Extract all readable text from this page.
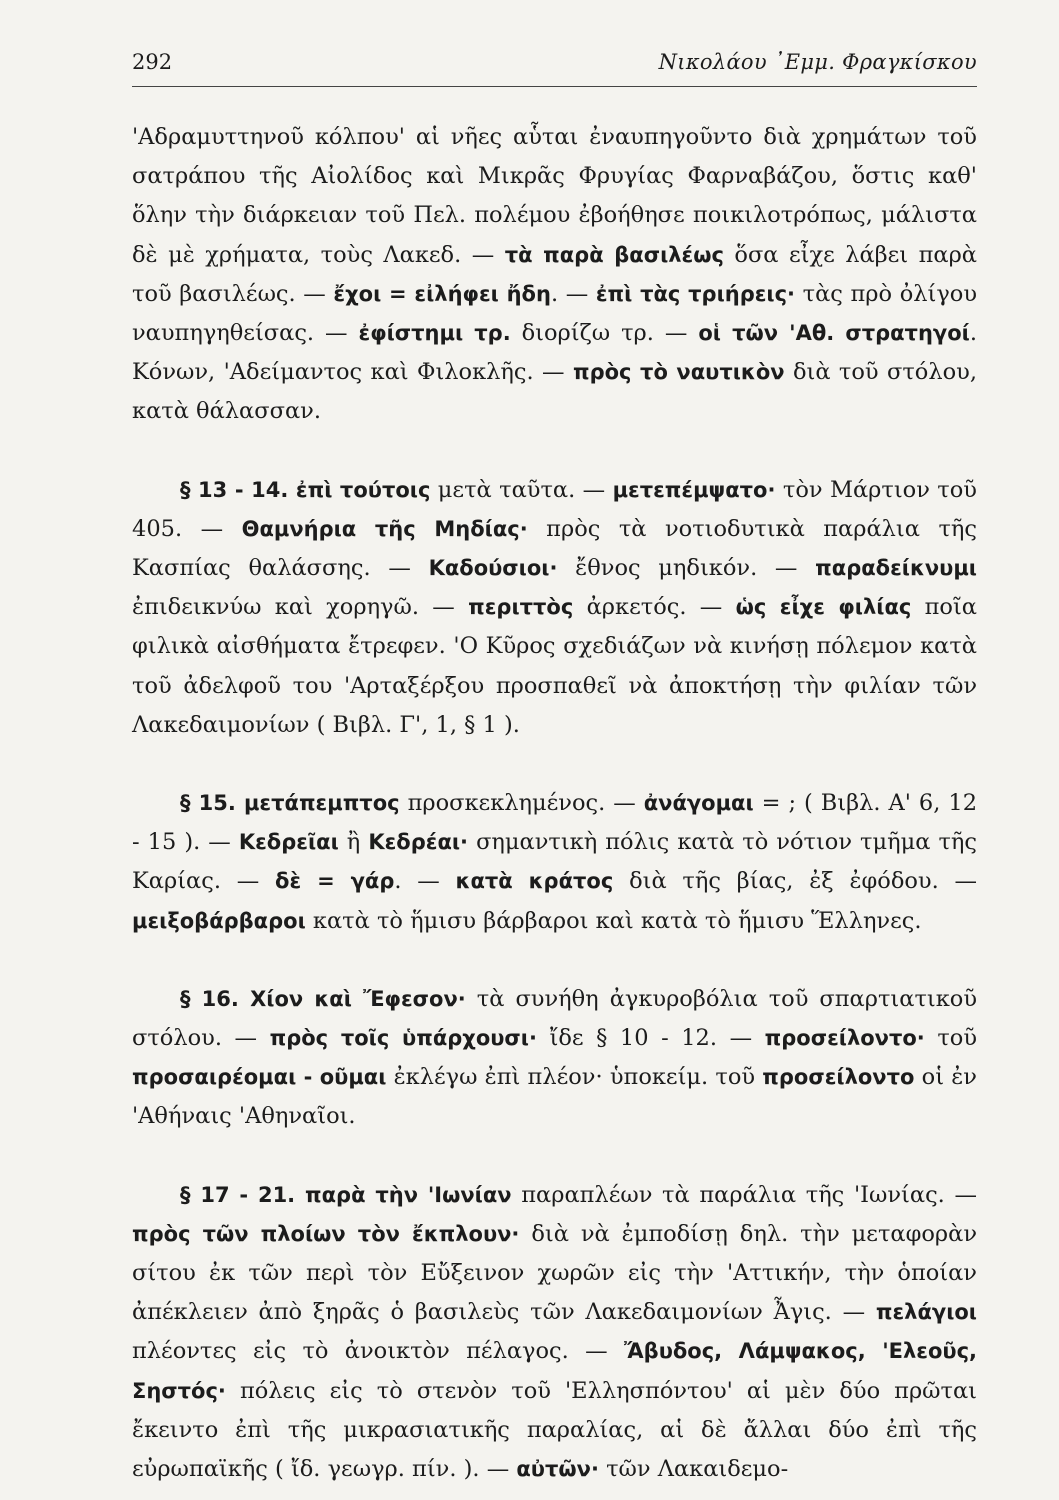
292	Νικολάου ᾿Εμμ. Φραγκίσκου

'Αδραμυττηνοῦ κόλπου' αἱ νῆες αὗται ἐναυπηγοῦντο διὰ χρημάτων τοῦ σατράπου τῆς Αἰολίδος καὶ Μικρᾶς Φρυγίας Φαρναβάζου, ὅστις καθ' ὅλην τὴν διάρκειαν τοῦ Πελ. πολέμου ἐβοήθησε ποικιλοτρόπως, μάλιστα δὲ μὲ χρήματα, τοὺς Λακεδ. — τὰ παρὰ βασιλέως ὅσα εἶχε λάβει παρὰ τοῦ βασιλέως. — ἔχοι = εἰλήφει ἤδη. — ἐπὶ τὰς τριήρεις· τὰς πρὸ ὀλίγου ναυπηγηθείσας. — ἐφίστημι τρ. διορίζω τρ. — οἱ τῶν 'Αθ. στρατηγοί. Κόνων, 'Αδείμαντος καὶ Φιλοκλῆς. — πρὸς τὸ ναυτικὸν διὰ τοῦ στόλου, κατὰ θάλασσαν.

§ 13 - 14. ἐπὶ τούτοις μετὰ ταῦτα. — μετεπέμψατο· τὸν Μάρτιον τοῦ 405. — Θαμνήρια τῆς Μηδίας· πρὸς τὰ νοτιοδυτικὰ παράλια τῆς Κασπίας θαλάσσης. — Καδούσιοι· ἔθνος μηδικόν. — παραδείκνυμι ἐπιδεικνύω καὶ χορηγῶ. — περιττὸς ἀρκετός. — ὡς εἶχε φιλίας ποῖα φιλικὰ αἰσθήματα ἔτρεφεν. 'Ο Κῦρος σχεδιάζων νὰ κινήσῃ πόλεμον κατὰ τοῦ ἀδελφοῦ του 'Αρταξέρξου προσπαθεῖ νὰ ἀποκτήσῃ τὴν φιλίαν τῶν Λακεδαιμονίων ( Βιβλ. Γ', 1, § 1 ).

§ 15. μετάπεμπτος προσκεκλημένος. — ἀνάγομαι = ; ( Βιβλ. Α' 6, 12 - 15 ). — Κεδρεῖαι ἢ Κεδρέαι· σημαντικὴ πόλις κατὰ τὸ νότιον τμῆμα τῆς Καρίας. — δὲ = γάρ. — κατὰ κράτος διὰ τῆς βίας, ἐξ ἐφόδου. — μειξοβάρβαροι κατὰ τὸ ἥμισυ βάρβαροι καὶ κατὰ τὸ ἥμισυ Ἕλληνες.

§ 16. Χίον καὶ Ἔφεσον· τὰ συνήθη ἀγκυροβόλια τοῦ σπαρτιατικοῦ στόλου. — πρὸς τοῖς ὑπάρχουσι· ἴδε § 10 - 12. — προσείλοντο· τοῦ προσαιρέομαι - οῦμαι ἐκλέγω ἐπὶ πλέον· ὑποκείμ. τοῦ προσείλοντο οἱ ἐν 'Αθήναις 'Αθηναῖοι.

§ 17 - 21. παρὰ τὴν 'Ιωνίαν παραπλέων τὰ παράλια τῆς 'Ιωνίας. — πρὸς τῶν πλοίων τὸν ἔκπλουν· διὰ νὰ ἐμποδίσῃ δηλ. τὴν μεταφορὰν σίτου ἐκ τῶν περὶ τὸν Εὔξεινον χωρῶν εἰς τὴν 'Αττικήν, τὴν ὁποίαν ἀπέκλειεν ἀπὸ ξηρᾶς ὁ βασιλεὺς τῶν Λακεδαιμονίων Ἆγις. — πελάγιοι πλέοντες εἰς τὸ ἀνοικτὸν πέλαγος. — Ἄβυδος, Λάμψακος, 'Ελεοῦς, Σηστός· πόλεις εἰς τὸ στενὸν τοῦ 'Ελλησπόντου' αἱ μὲν δύο πρῶται ἔκειντο ἐπὶ τῆς μικρασιατικῆς παραλίας, αἱ δὲ ἄλλαι δύο ἐπὶ τῆς εὐρωπαϊκῆς ( ἴδ. γεωγρ. πίν. ). — αὐτῶν· τῶν Λακαιδεμο-
